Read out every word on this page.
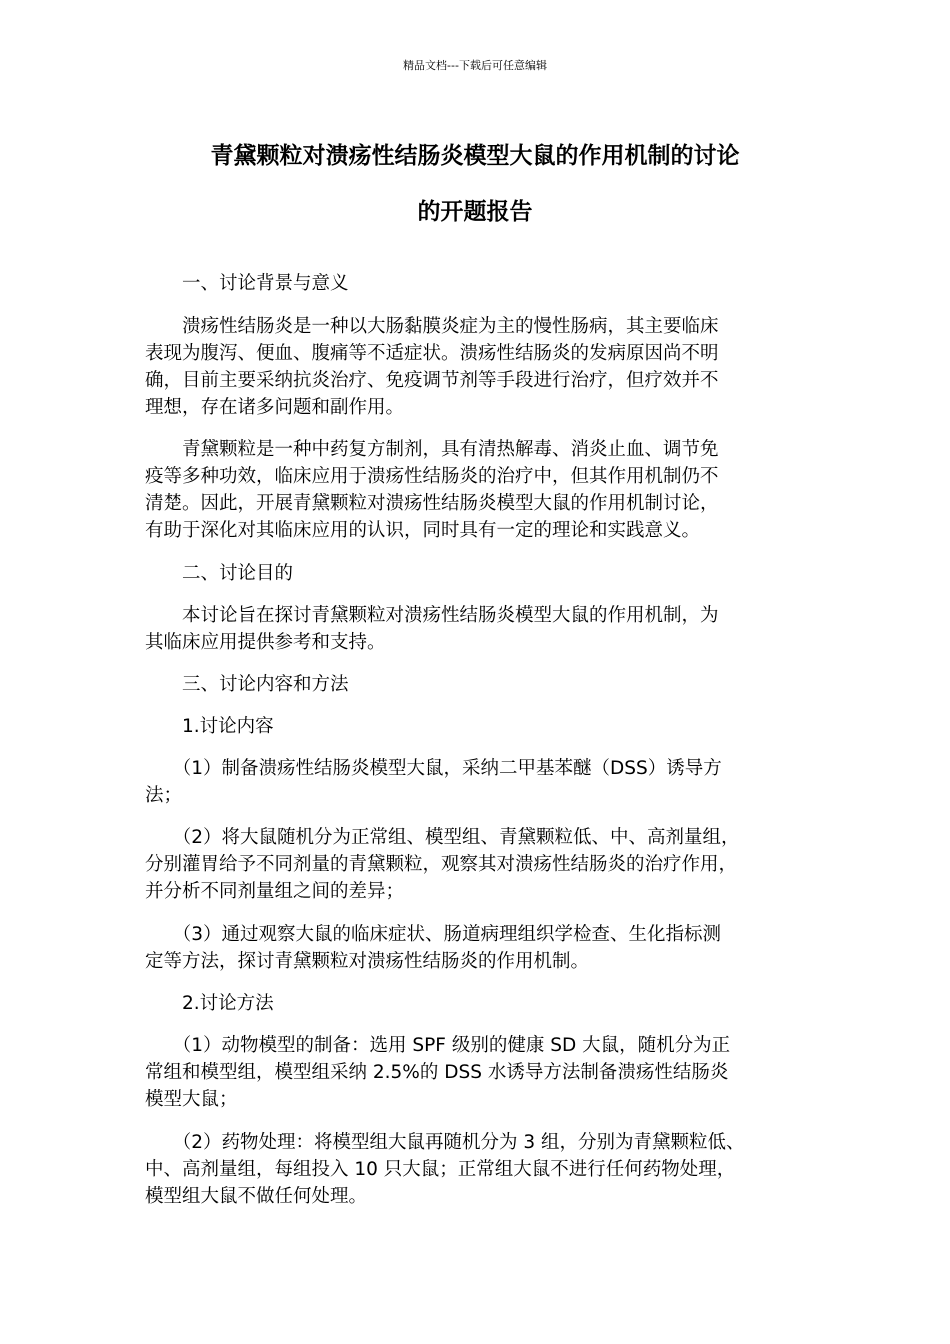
精品文档---下载后可任意编辑
青黛颗粒对溃疡性结肠炎模型大鼠的作用机制的讨论
的开题报告
　　一、讨论背景与意义
　　溃疡性结肠炎是一种以大肠黏膜炎症为主的慢性肠病，其主要临床
表现为腹泻、便血、腹痛等不适症状。溃疡性结肠炎的发病原因尚不明
确，目前主要采纳抗炎治疗、免疫调节剂等手段进行治疗，但疗效并不
理想，存在诸多问题和副作用。
　　青黛颗粒是一种中药复方制剂，具有清热解毒、消炎止血、调节免
疫等多种功效，临床应用于溃疡性结肠炎的治疗中，但其作用机制仍不
清楚。因此，开展青黛颗粒对溃疡性结肠炎模型大鼠的作用机制讨论，
有助于深化对其临床应用的认识，同时具有一定的理论和实践意义。
　　二、讨论目的
　　本讨论旨在探讨青黛颗粒对溃疡性结肠炎模型大鼠的作用机制，为
其临床应用提供参考和支持。
　　三、讨论内容和方法
　　1.讨论内容
　　（1）制备溃疡性结肠炎模型大鼠，采纳二甲基苯醚（DSS）诱导方
法；
　　（2）将大鼠随机分为正常组、模型组、青黛颗粒低、中、高剂量组，
分别灌胃给予不同剂量的青黛颗粒，观察其对溃疡性结肠炎的治疗作用，
并分析不同剂量组之间的差异；
　　（3）通过观察大鼠的临床症状、肠道病理组织学检查、生化指标测
定等方法，探讨青黛颗粒对溃疡性结肠炎的作用机制。
　　2.讨论方法
　　（1）动物模型的制备：选用 SPF 级别的健康 SD 大鼠，随机分为正
常组和模型组，模型组采纳 2.5%的 DSS 水诱导方法制备溃疡性结肠炎
模型大鼠；
　　（2）药物处理：将模型组大鼠再随机分为 3 组，分别为青黛颗粒低、
中、高剂量组，每组投入 10 只大鼠；正常组大鼠不进行任何药物处理，
模型组大鼠不做任何处理。
